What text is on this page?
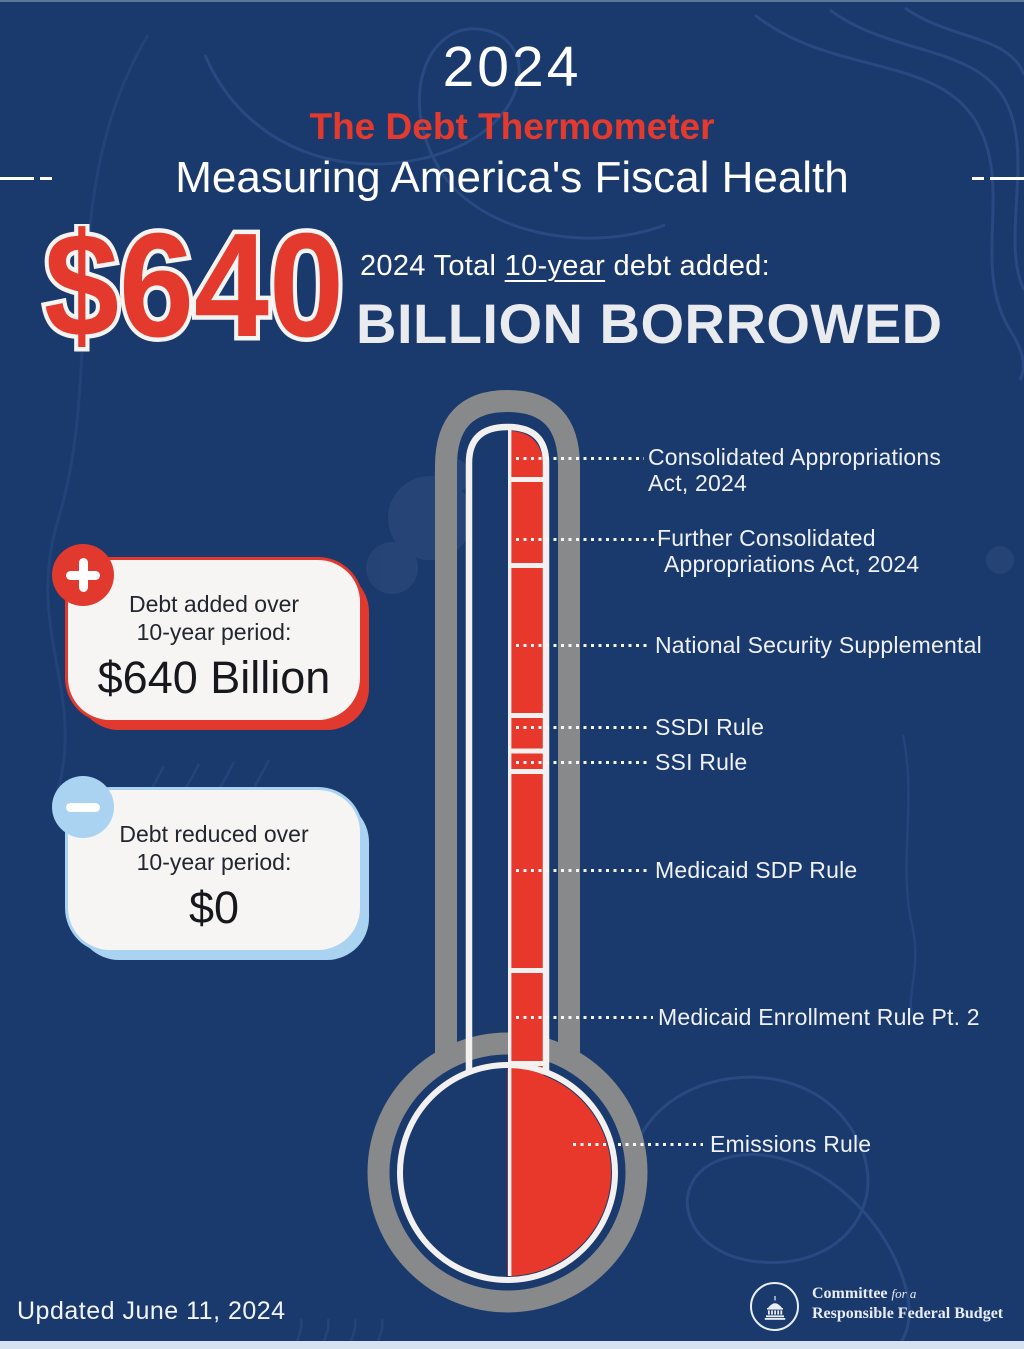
2024
The Debt Thermometer
Measuring America's Fiscal Health
$640 2024 Total 10-year debt added:
BILLION BORROWED
Debt added over
10-year period:
$640 Billion
Debt reduced over
10-year period:
$0
Consolidated Appropriations
Act, 2024
Further Consolidated
Appropriations Act, 2024
National Security Supplemental
SSDI Rule
SSI Rule
Medicaid SDP Rule
Medicaid Enrollment Rule Pt. 2
Emissions Rule
Updated June 11, 2024
Committee for a
Responsible Federal Budget
